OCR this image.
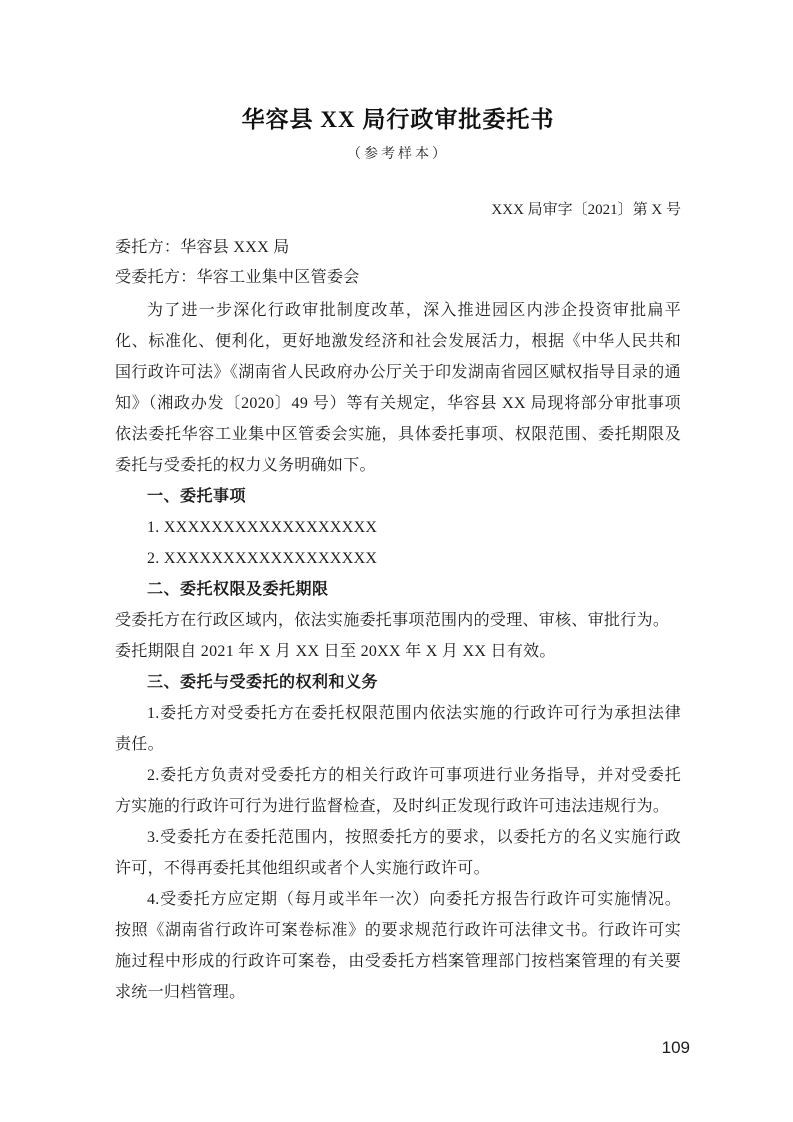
华容县 XX 局行政审批委托书
（参考样本）
XXX 局审字〔2021〕第 X 号

委托方：华容县 XXX 局

受委托方：华容工业集中区管委会

为了进一步深化行政审批制度改革，深入推进园区内涉企投资审批扁平化、标准化、便利化，更好地激发经济和社会发展活力，根据《中华人民共和国行政许可法》《湖南省人民政府办公厅关于印发湖南省园区赋权指导目录的通知》（湘政办发〔2020〕49 号）等有关规定，华容县 XX 局现将部分审批事项依法委托华容工业集中区管委会实施，具体委托事项、权限范围、委托期限及委托与受委托的权力义务明确如下。

一、委托事项

1. XXXXXXXXXXXXXXXXXX

2. XXXXXXXXXXXXXXXXXX

二、委托权限及委托期限

受委托方在行政区域内，依法实施委托事项范围内的受理、审核、审批行为。

委托期限自 2021 年 X 月 XX 日至 20XX 年 X 月 XX 日有效。

三、委托与受委托的权利和义务

1.委托方对受委托方在委托权限范围内依法实施的行政许可行为承担法律责任。

2.委托方负责对受委托方的相关行政许可事项进行业务指导，并对受委托方实施的行政许可行为进行监督检查，及时纠正发现行政许可违法违规行为。

3.受委托方在委托范围内，按照委托方的要求，以委托方的名义实施行政许可，不得再委托其他组织或者个人实施行政许可。

4.受委托方应定期（每月或半年一次）向委托方报告行政许可实施情况。按照《湖南省行政许可案卷标准》的要求规范行政许可法律文书。行政许可实施过程中形成的行政许可案卷，由受委托方档案管理部门按档案管理的有关要求统一归档管理。

109
